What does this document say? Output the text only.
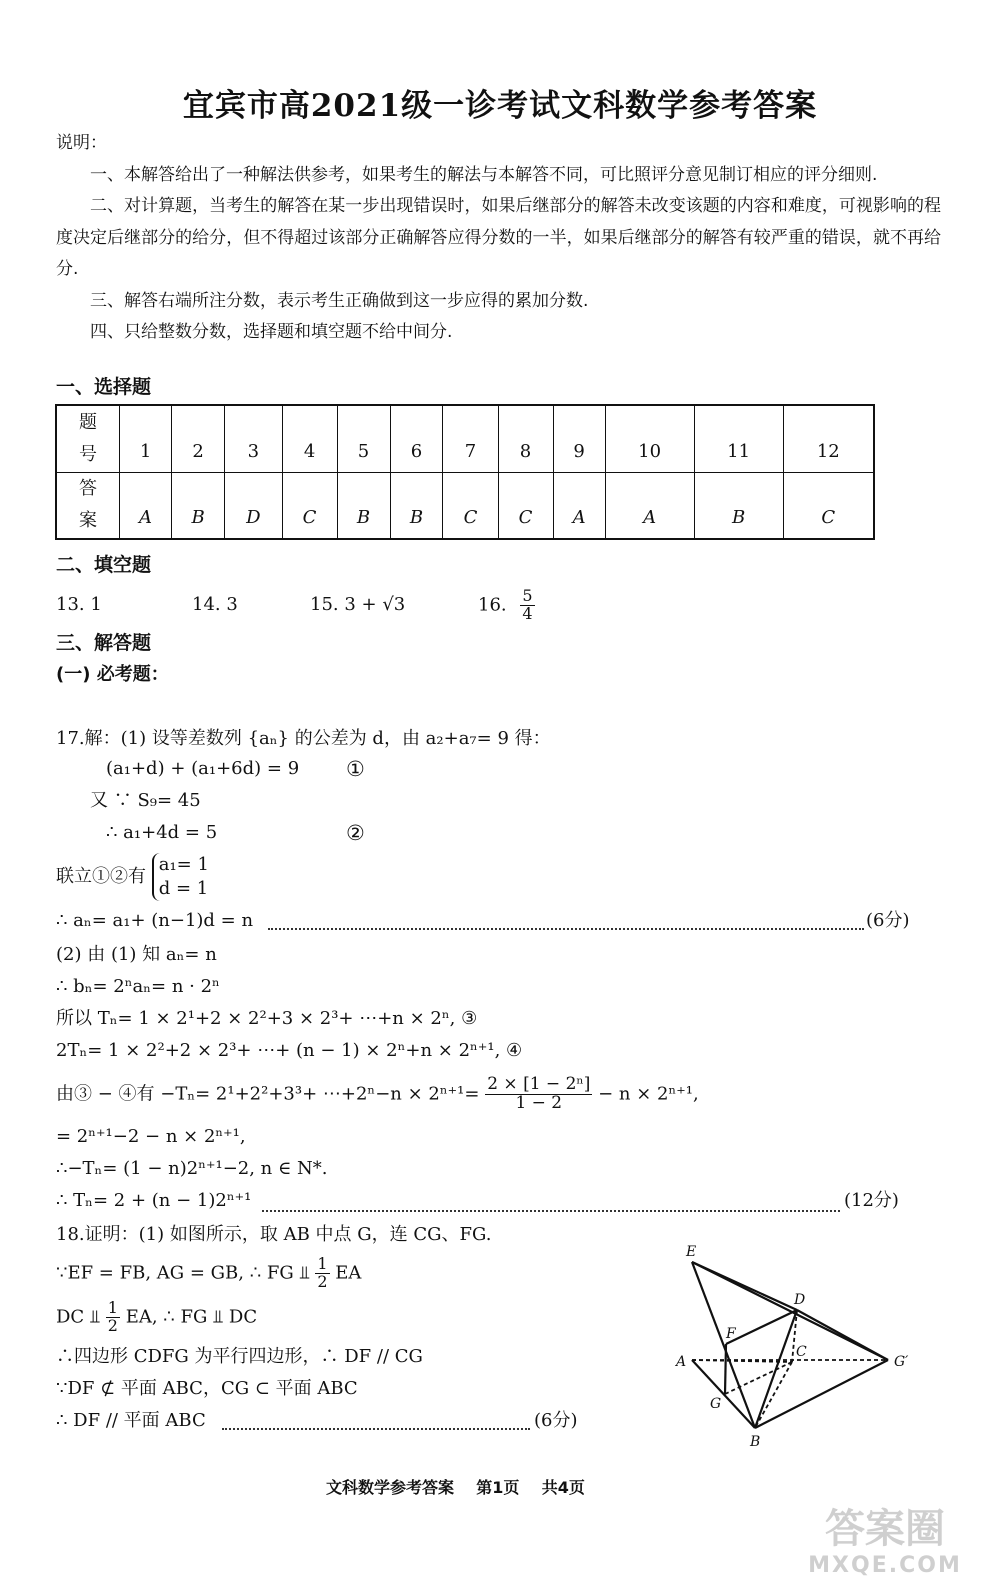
宜宾市高2021级一诊考试文科数学参考答案

说明：

一、本解答给出了一种解法供参考，如果考生的解法与本解答不同，可比照评分意见制订相应的评分细则.

二、对计算题，当考生的解答在某一步出现错误时，如果后继部分的解答未改变该题的内容和难度，可视影响的程度决定后继部分的给分，但不得超过该部分正确解答应得分数的一半，如果后继部分的解答有较严重的错误，就不再给分.

三、解答右端所注分数，表示考生正确做到这一步应得的累加分数.

四、只给整数分数，选择题和填空题不给中间分.

一、选择题
题
号	1	2	3	4	5	6	7	8	9	10	11	12
答
案	A	B	D	C	B	B	C	C	A	A	B	C
二、填空题
13. 1	14. 3	15. 3 + √3	16. $\frac{5}{4}$
三、解答题
(一) 必考题：
17.解：(1) 设等差数列 {aₙ} 的公差为 d，由 a₂+a₇= 9 得：
(a₁+d) + (a₁+6d) = 9 ①
又 ∵ S₉= 45
∴ a₁+4d = 5	②
联立①②有 a₁= 1
d = 1
∴ aₙ= a₁+ (n−1)d = n	(6分)
(2) 由 (1) 知 aₙ= n
∴ bₙ= 2ⁿaₙ= n · 2ⁿ
所以 Tₙ= 1 × 2¹+2 × 2²+3 × 2³+ ⋯+n × 2ⁿ, ③
2Tₙ= 1 × 2²+2 × 2³+ ⋯+ (n − 1) × 2ⁿ+n × 2ⁿ⁺¹, ④
由③ − ④有 −Tₙ= 2¹+2²+3³+ ⋯+2ⁿ−n × $2^{n+1}= \frac{\text{2 × [1 − 2ⁿ]}}{1 - 2} - n \times 2^{n+1}$,
= 2ⁿ⁺¹−2 − n × 2ⁿ⁺¹,
∴−Tₙ= (1 − n)2ⁿ⁺¹−2, n ∈ N*.
∴ Tₙ= 2 + (n − 1)2ⁿ⁺¹	(12分)
18.证明：(1) 如图所示，取 AB 中点 G，连 CG、FG.
∵EF = FB, AG = GB, ∴ FG ⫫ $\frac{1}{2}$ EA
DC ⫫ $\frac{1}{2}$ EA, ∴ FG ⫫ DC
∴四边形 CDFG 为平行四边形，∴ DF // CG
∵DF ⊄ 平面 ABC，CG ⊂ 平面 ABC
∴ DF // 平面 ABC	(6分)
E
D
F
A
C
G′
G
B
文科数学参考答案    第1页    共4页
答案圈
MXQE.COM
